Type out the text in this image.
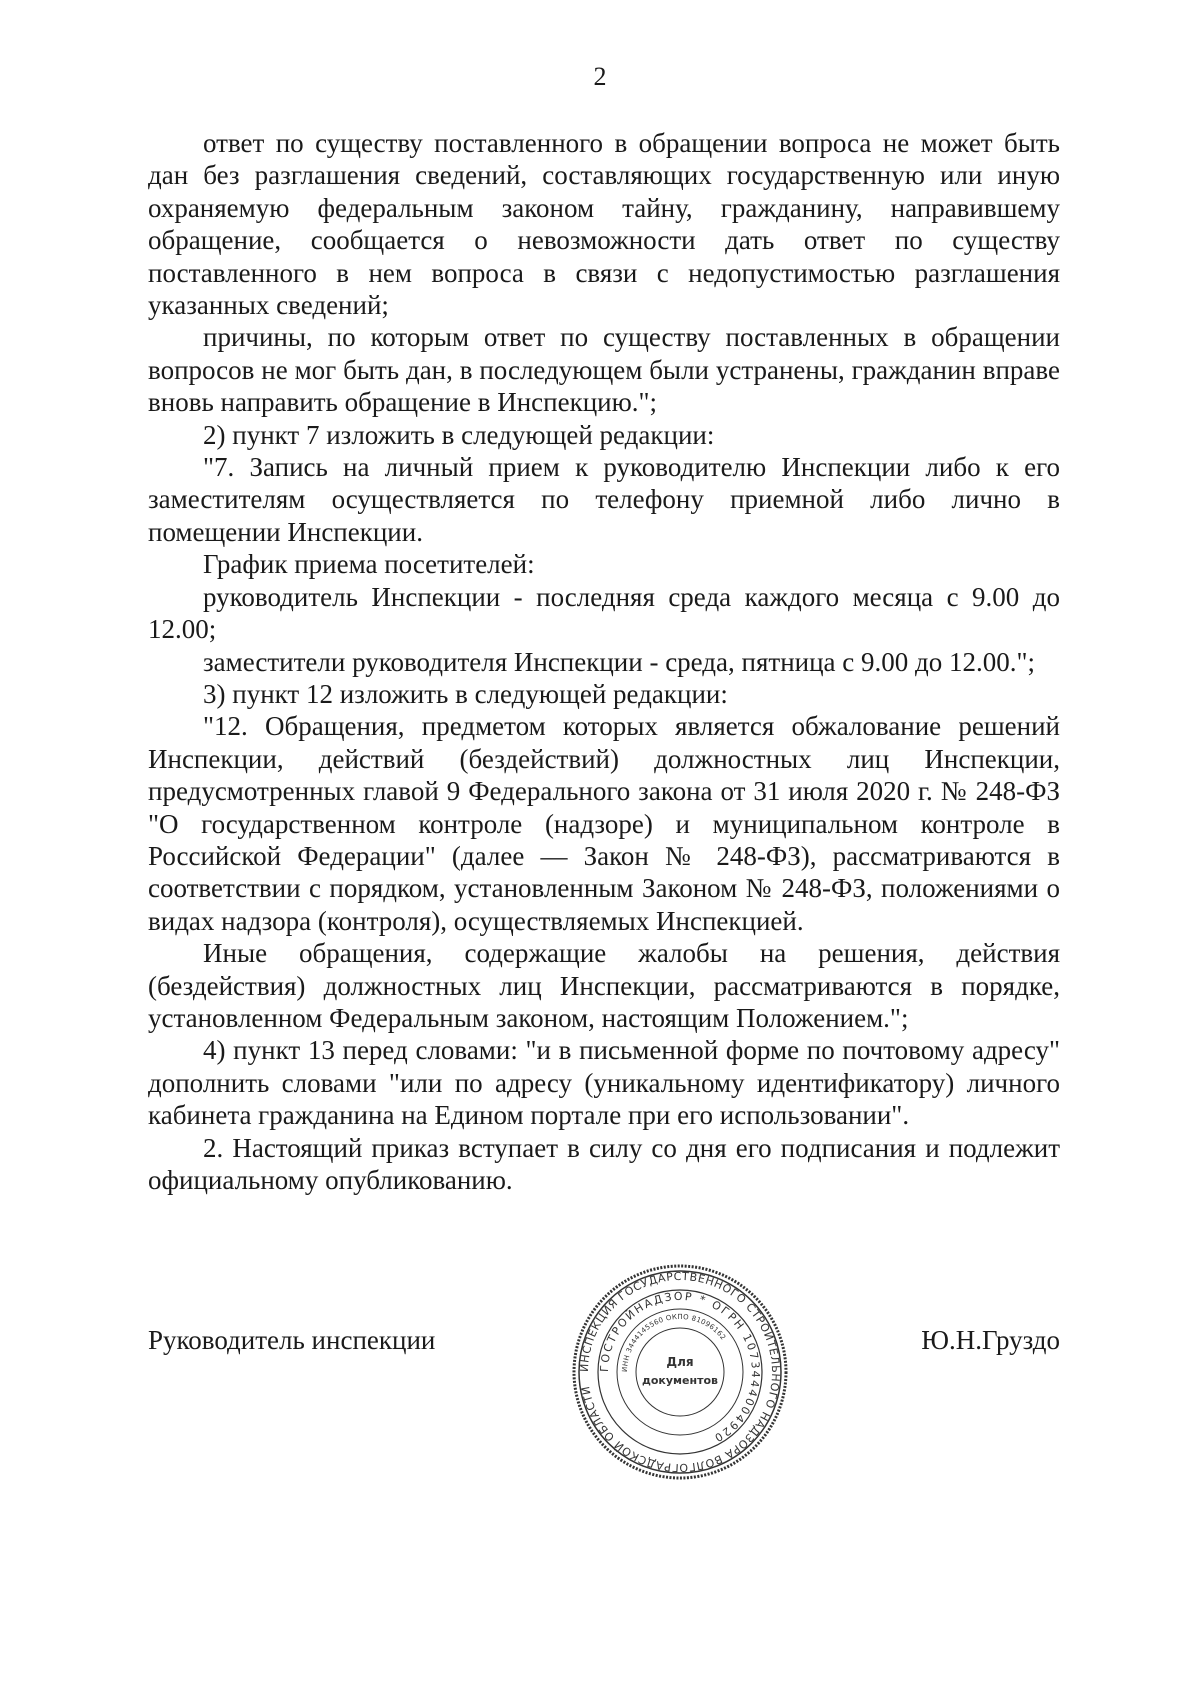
2

ответ по существу поставленного в обращении вопроса не может быть дан без разглашения сведений, составляющих государственную или иную охраняемую федеральным законом тайну, гражданину, направившему обращение, сообщается о невозможности дать ответ по существу поставленного в нем вопроса в связи с недопустимостью разглашения указанных сведений;

причины, по которым ответ по существу поставленных в обращении вопросов не мог быть дан, в последующем были устранены, гражданин вправе вновь направить обращение в Инспекцию.";

2) пункт 7 изложить в следующей редакции:

"7. Запись на личный прием к руководителю Инспекции либо к его заместителям осуществляется по телефону приемной либо лично в помещении Инспекции.

График приема посетителей:

руководитель Инспекции - последняя среда каждого месяца с 9.00 до 12.00;

заместители руководителя Инспекции - среда, пятница с 9.00 до 12.00.";

3) пункт 12 изложить в следующей редакции:

"12. Обращения, предметом которых является обжалование решений Инспекции, действий (бездействий) должностных лиц Инспекции, предусмотренных главой 9 Федерального закона от 31 июля 2020 г. № 248-ФЗ "О государственном контроле (надзоре) и муниципальном контроле в Российской Федерации" (далее — Закон № 248-ФЗ), рассматриваются в соответствии с порядком, установленным Законом № 248-ФЗ, положениями о видах надзора (контроля), осуществляемых Инспекцией.

Иные обращения, содержащие жалобы на решения, действия (бездействия) должностных лиц Инспекции, рассматриваются в порядке, установленном Федеральным законом, настоящим Положением.";

4) пункт 13 перед словами: "и в письменной форме по почтовому адресу" дополнить словами "или по адресу (уникальному идентификатору) личного кабинета гражданина на Едином портале при его использовании".

2. Настоящий приказ вступает в силу со дня его подписания и подлежит официальному опубликованию.

Руководитель инспекции	Ю.Н.Груздо
ИНСПЕКЦИЯ ГОСУДАРСТВЕННОГО СТРОИТЕЛЬНОГО НАДЗОРА ВОЛГОГРАДСКОЙ ОБЛАСТИ
ГОСТРОЙНАДЗОР * ОГРН 1073444004920
ИНН 3444145560 ОКПО 81096162
Для
документов
